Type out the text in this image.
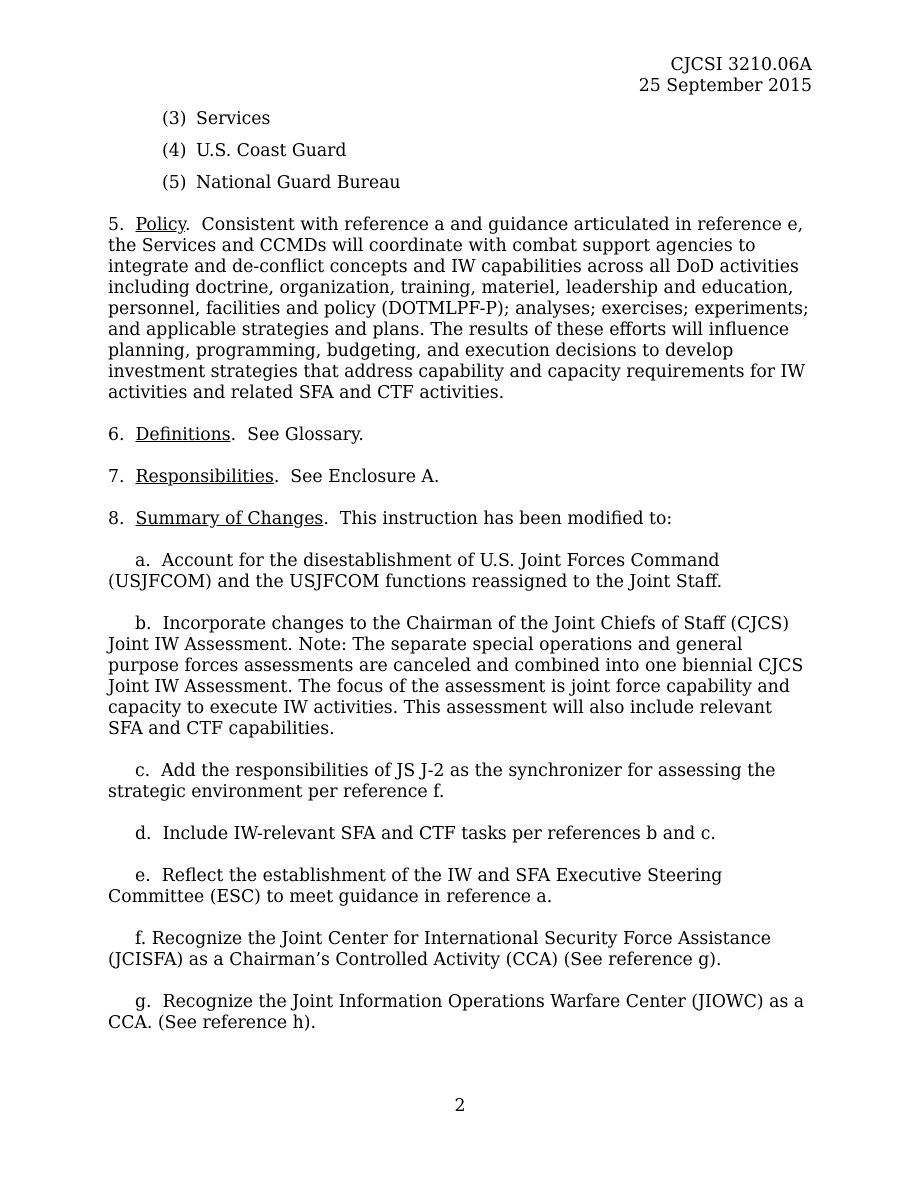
CJCSI 3210.06A
25 September 2015
(3) Services
(4) U.S. Coast Guard
(5) National Guard Bureau

5. Policy.  Consistent with reference a and guidance articulated in reference e, the Services and CCMDs will coordinate with combat support agencies to integrate and de-conflict concepts and IW capabilities across all DoD activities including doctrine, organization, training, materiel, leadership and education, personnel, facilities and policy (DOTMLPF-P); analyses; exercises; experiments; and applicable strategies and plans. The results of these efforts will influence planning, programming, budgeting, and execution decisions to develop investment strategies that address capability and capacity requirements for IW activities and related SFA and CTF activities.

6. Definitions.  See Glossary.

7. Responsibilities.  See Enclosure A.

8. Summary of Changes.  This instruction has been modified to:

a. Account for the disestablishment of U.S. Joint Forces Command (USJFCOM) and the USJFCOM functions reassigned to the Joint Staff.

b. Incorporate changes to the Chairman of the Joint Chiefs of Staff (CJCS) Joint IW Assessment. Note: The separate special operations and general purpose forces assessments are canceled and combined into one biennial CJCS Joint IW Assessment. The focus of the assessment is joint force capability and capacity to execute IW activities. This assessment will also include relevant SFA and CTF capabilities.

c. Add the responsibilities of JS J-2 as the synchronizer for assessing the strategic environment per reference f.

d. Include IW-relevant SFA and CTF tasks per references b and c.

e. Reflect the establishment of the IW and SFA Executive Steering Committee (ESC) to meet guidance in reference a.

f. Recognize the Joint Center for International Security Force Assistance (JCISFA) as a Chairman’s Controlled Activity (CCA) (See reference g).

g. Recognize the Joint Information Operations Warfare Center (JIOWC) as a CCA. (See reference h).

2
